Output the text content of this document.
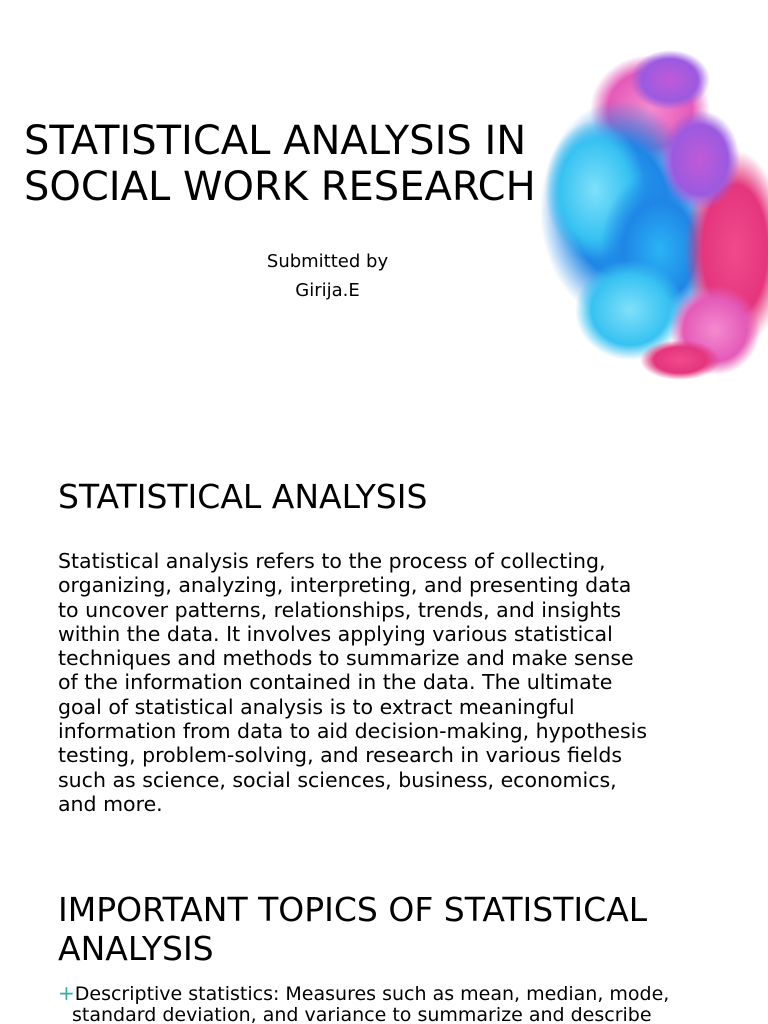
STATISTICAL ANALYSIS IN
SOCIAL WORK RESEARCH
Submitted by
Girija.E
STATISTICAL ANALYSIS

Statistical analysis refers to the process of collecting,
organizing, analyzing, interpreting, and presenting data
to uncover patterns, relationships, trends, and insights
within the data. It involves applying various statistical
techniques and methods to summarize and make sense
of the information contained in the data. The ultimate
goal of statistical analysis is to extract meaningful
information from data to aid decision-making, hypothesis
testing, problem-solving, and research in various fields
such as science, social sciences, business, economics,
and more.

IMPORTANT TOPICS OF STATISTICAL
ANALYSIS
+Descriptive statistics: Measures such as mean, median, mode,
standard deviation, and variance to summarize and describe
